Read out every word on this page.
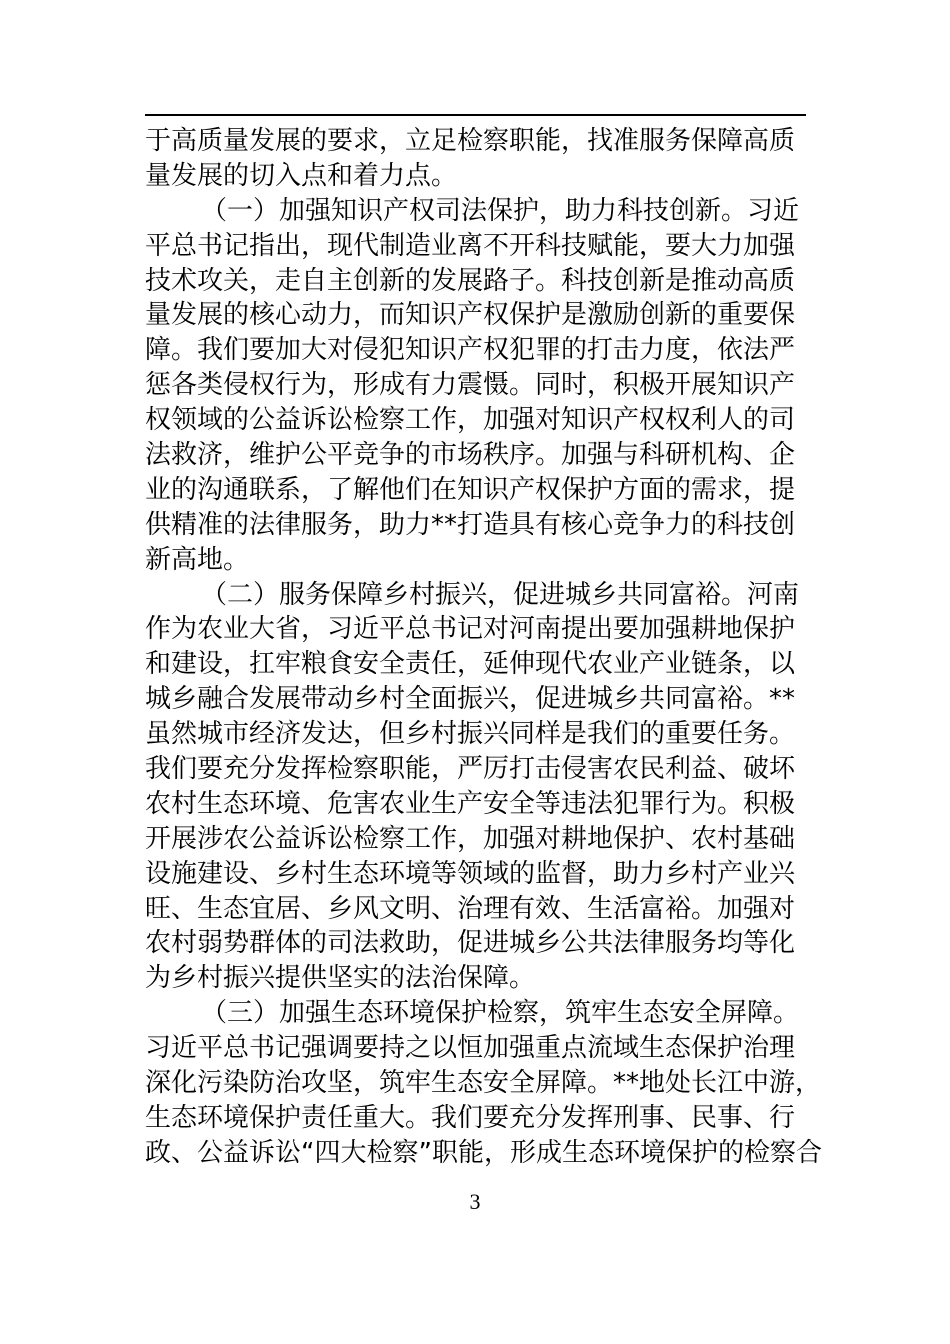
于高质量发展的要求，立足检察职能，找准服务保障高质
量发展的切入点和着力点。
（一）加强知识产权司法保护，助力科技创新。习近
平总书记指出，现代制造业离不开科技赋能，要大力加强
技术攻关，走自主创新的发展路子。科技创新是推动高质
量发展的核心动力，而知识产权保护是激励创新的重要保
障。我们要加大对侵犯知识产权犯罪的打击力度，依法严
惩各类侵权行为，形成有力震慑。同时，积极开展知识产
权领域的公益诉讼检察工作，加强对知识产权权利人的司
法救济，维护公平竞争的市场秩序。加强与科研机构、企
业的沟通联系，了解他们在知识产权保护方面的需求，提
供精准的法律服务，助力**打造具有核心竞争力的科技创
新高地。
（二）服务保障乡村振兴，促进城乡共同富裕。河南
作为农业大省，习近平总书记对河南提出要加强耕地保护
和建设，扛牢粮食安全责任，延伸现代农业产业链条，以
城乡融合发展带动乡村全面振兴，促进城乡共同富裕。**
虽然城市经济发达，但乡村振兴同样是我们的重要任务。
我们要充分发挥检察职能，严厉打击侵害农民利益、破坏
农村生态环境、危害农业生产安全等违法犯罪行为。积极
开展涉农公益诉讼检察工作，加强对耕地保护、农村基础
设施建设、乡村生态环境等领域的监督，助力乡村产业兴
旺、生态宜居、乡风文明、治理有效、生活富裕。加强对
农村弱势群体的司法救助，促进城乡公共法律服务均等化
为乡村振兴提供坚实的法治保障。
（三）加强生态环境保护检察，筑牢生态安全屏障。
习近平总书记强调要持之以恒加强重点流域生态保护治理
深化污染防治攻坚，筑牢生态安全屏障。**地处长江中游，
生态环境保护责任重大。我们要充分发挥刑事、民事、行
政、公益诉讼“四大检察”职能，形成生态环境保护的检察合
3
